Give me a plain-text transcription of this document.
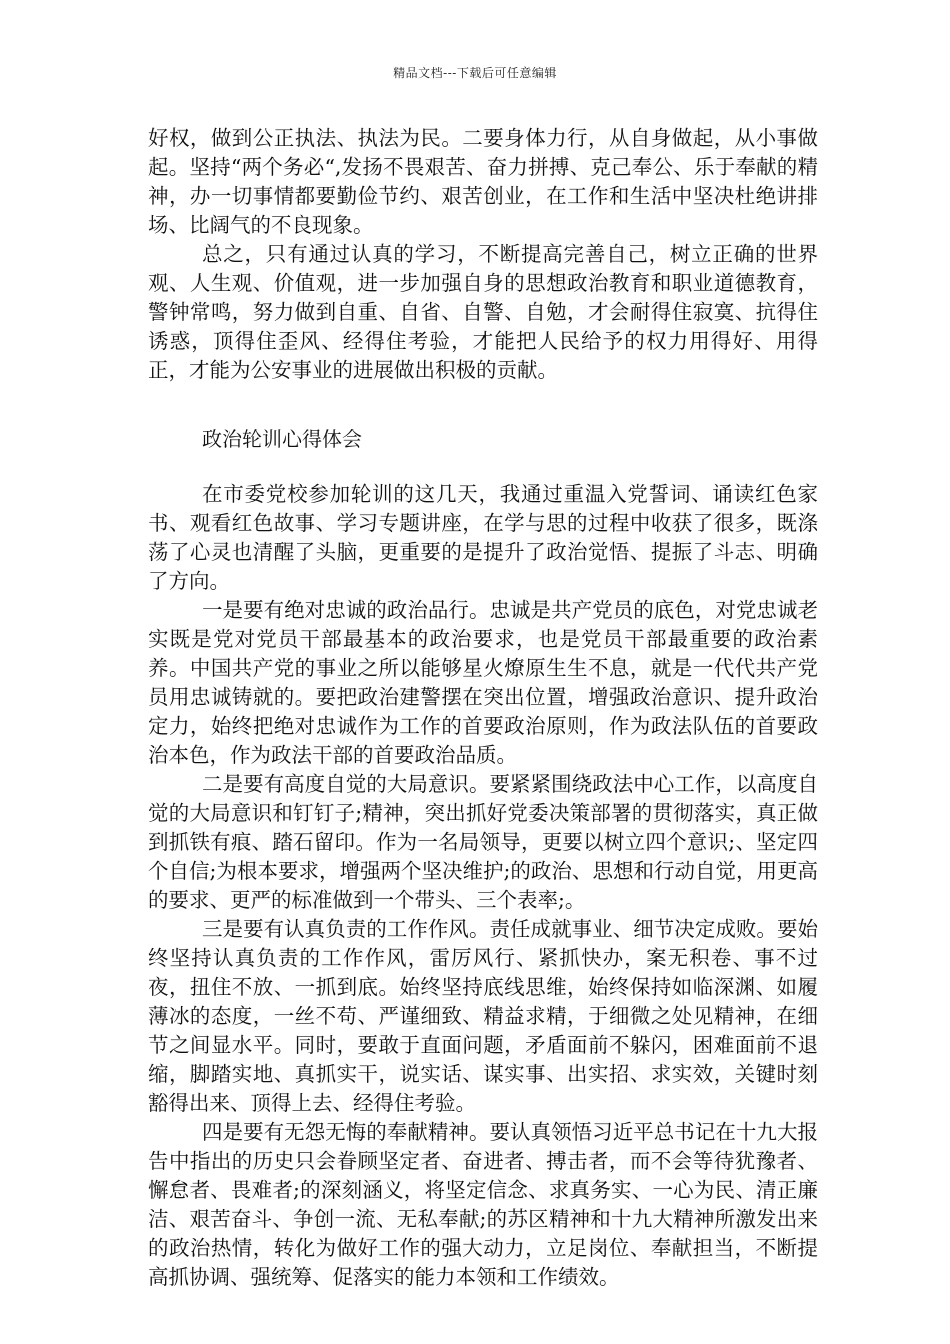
精品文档---下载后可任意编辑

好权，做到公正执法、执法为民。二要身体力行，从自身做起，从小事做起。坚持“两个务必“,发扬不畏艰苦、奋力拼搏、克己奉公、乐于奉献的精神，办一切事情都要勤俭节约、艰苦创业，在工作和生活中坚决杜绝讲排场、比阔气的不良现象。

总之，只有通过认真的学习，不断提高完善自己，树立正确的世界观、人生观、价值观，进一步加强自身的思想政治教育和职业道德教育，警钟常鸣，努力做到自重、自省、自警、自勉，才会耐得住寂寞、抗得住诱惑，顶得住歪风、经得住考验，才能把人民给予的权力用得好、用得正，才能为公安事业的进展做出积极的贡献。

政治轮训心得体会

在市委党校参加轮训的这几天，我通过重温入党誓词、诵读红色家书、观看红色故事、学习专题讲座，在学与思的过程中收获了很多，既涤荡了心灵也清醒了头脑，更重要的是提升了政治觉悟、提振了斗志、明确了方向。

一是要有绝对忠诚的政治品行。忠诚是共产党员的底色，对党忠诚老实既是党对党员干部最基本的政治要求，也是党员干部最重要的政治素养。中国共产党的事业之所以能够星火燎原生生不息，就是一代代共产党员用忠诚铸就的。要把政治建警摆在突出位置，增强政治意识、提升政治定力，始终把绝对忠诚作为工作的首要政治原则，作为政法队伍的首要政治本色，作为政法干部的首要政治品质。

二是要有高度自觉的大局意识。要紧紧围绕政法中心工作，以高度自觉的大局意识和钉钉子;精神，突出抓好党委决策部署的贯彻落实，真正做到抓铁有痕、踏石留印。作为一名局领导，更要以树立四个意识;、坚定四个自信;为根本要求，增强两个坚决维护;的政治、思想和行动自觉，用更高的要求、更严的标准做到一个带头、三个表率;。

三是要有认真负责的工作作风。责任成就事业、细节决定成败。要始终坚持认真负责的工作作风，雷厉风行、紧抓快办，案无积卷、事不过夜，扭住不放、一抓到底。始终坚持底线思维，始终保持如临深渊、如履薄冰的态度，一丝不苟、严谨细致、精益求精，于细微之处见精神，在细节之间显水平。同时，要敢于直面问题，矛盾面前不躲闪，困难面前不退缩，脚踏实地、真抓实干，说实话、谋实事、出实招、求实效，关键时刻豁得出来、顶得上去、经得住考验。

四是要有无怨无悔的奉献精神。要认真领悟习近平总书记在十九大报告中指出的历史只会眷顾坚定者、奋进者、搏击者，而不会等待犹豫者、懈怠者、畏难者;的深刻涵义，将坚定信念、求真务实、一心为民、清正廉洁、艰苦奋斗、争创一流、无私奉献;的苏区精神和十九大精神所激发出来的政治热情，转化为做好工作的强大动力，立足岗位、奉献担当，不断提高抓协调、强统筹、促落实的能力本领和工作绩效。
